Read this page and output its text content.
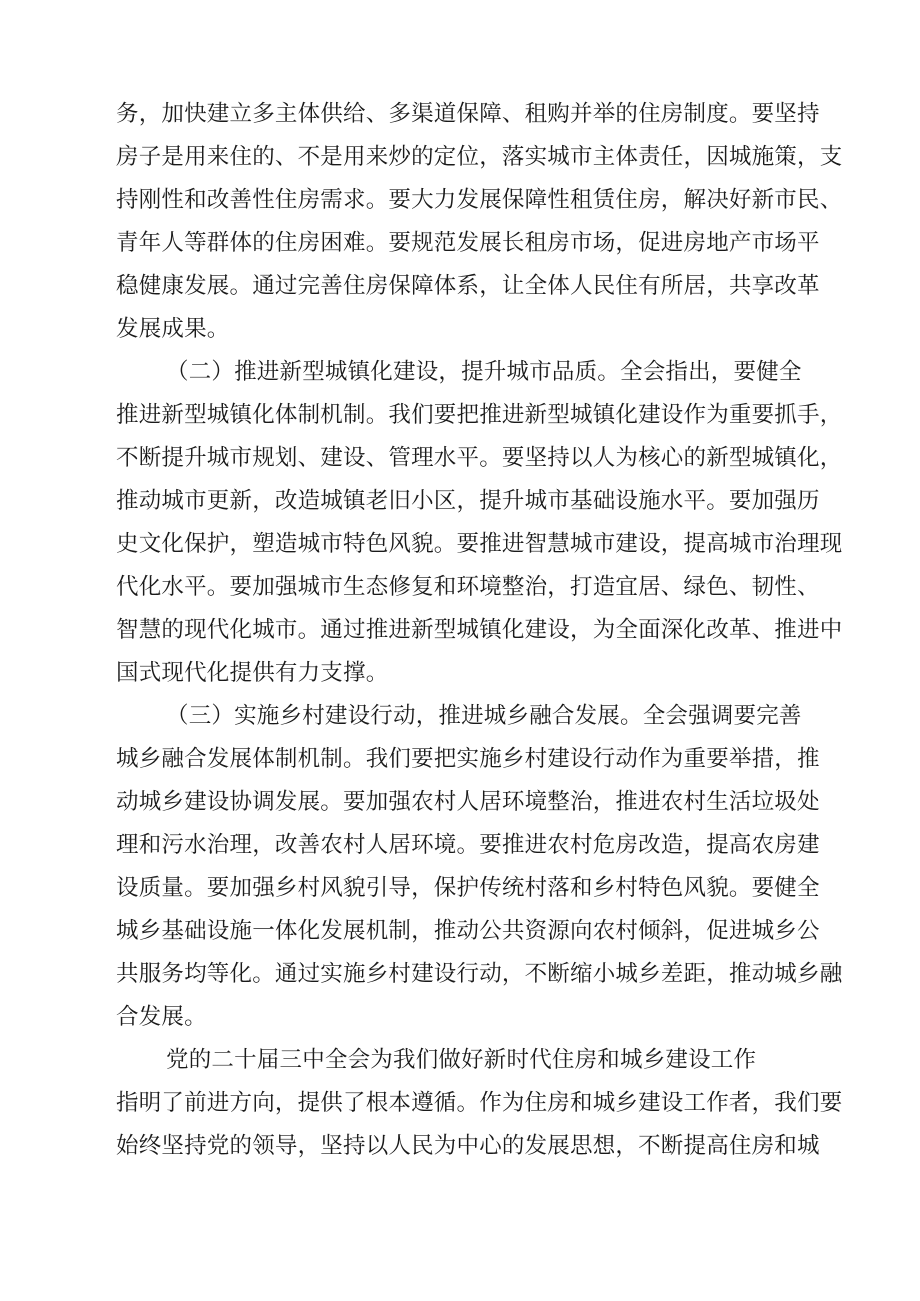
务，加快建立多主体供给、多渠道保障、租购并举的住房制度。要坚持
房子是用来住的、不是用来炒的定位，落实城市主体责任，因城施策，支
持刚性和改善性住房需求。要大力发展保障性租赁住房，解决好新市民、
青年人等群体的住房困难。要规范发展长租房市场，促进房地产市场平
稳健康发展。通过完善住房保障体系，让全体人民住有所居，共享改革
发展成果。
（二）推进新型城镇化建设，提升城市品质。全会指出，要健全
推进新型城镇化体制机制。我们要把推进新型城镇化建设作为重要抓手，
不断提升城市规划、建设、管理水平。要坚持以人为核心的新型城镇化，
推动城市更新，改造城镇老旧小区，提升城市基础设施水平。要加强历
史文化保护，塑造城市特色风貌。要推进智慧城市建设，提高城市治理现
代化水平。要加强城市生态修复和环境整治，打造宜居、绿色、韧性、
智慧的现代化城市。通过推进新型城镇化建设，为全面深化改革、推进中
国式现代化提供有力支撑。
（三）实施乡村建设行动，推进城乡融合发展。全会强调要完善
城乡融合发展体制机制。我们要把实施乡村建设行动作为重要举措，推
动城乡建设协调发展。要加强农村人居环境整治，推进农村生活垃圾处
理和污水治理，改善农村人居环境。要推进农村危房改造，提高农房建
设质量。要加强乡村风貌引导，保护传统村落和乡村特色风貌。要健全
城乡基础设施一体化发展机制，推动公共资源向农村倾斜，促进城乡公
共服务均等化。通过实施乡村建设行动，不断缩小城乡差距，推动城乡融
合发展。
党的二十届三中全会为我们做好新时代住房和城乡建设工作
指明了前进方向，提供了根本遵循。作为住房和城乡建设工作者，我们要
始终坚持党的领导，坚持以人民为中心的发展思想，不断提高住房和城
